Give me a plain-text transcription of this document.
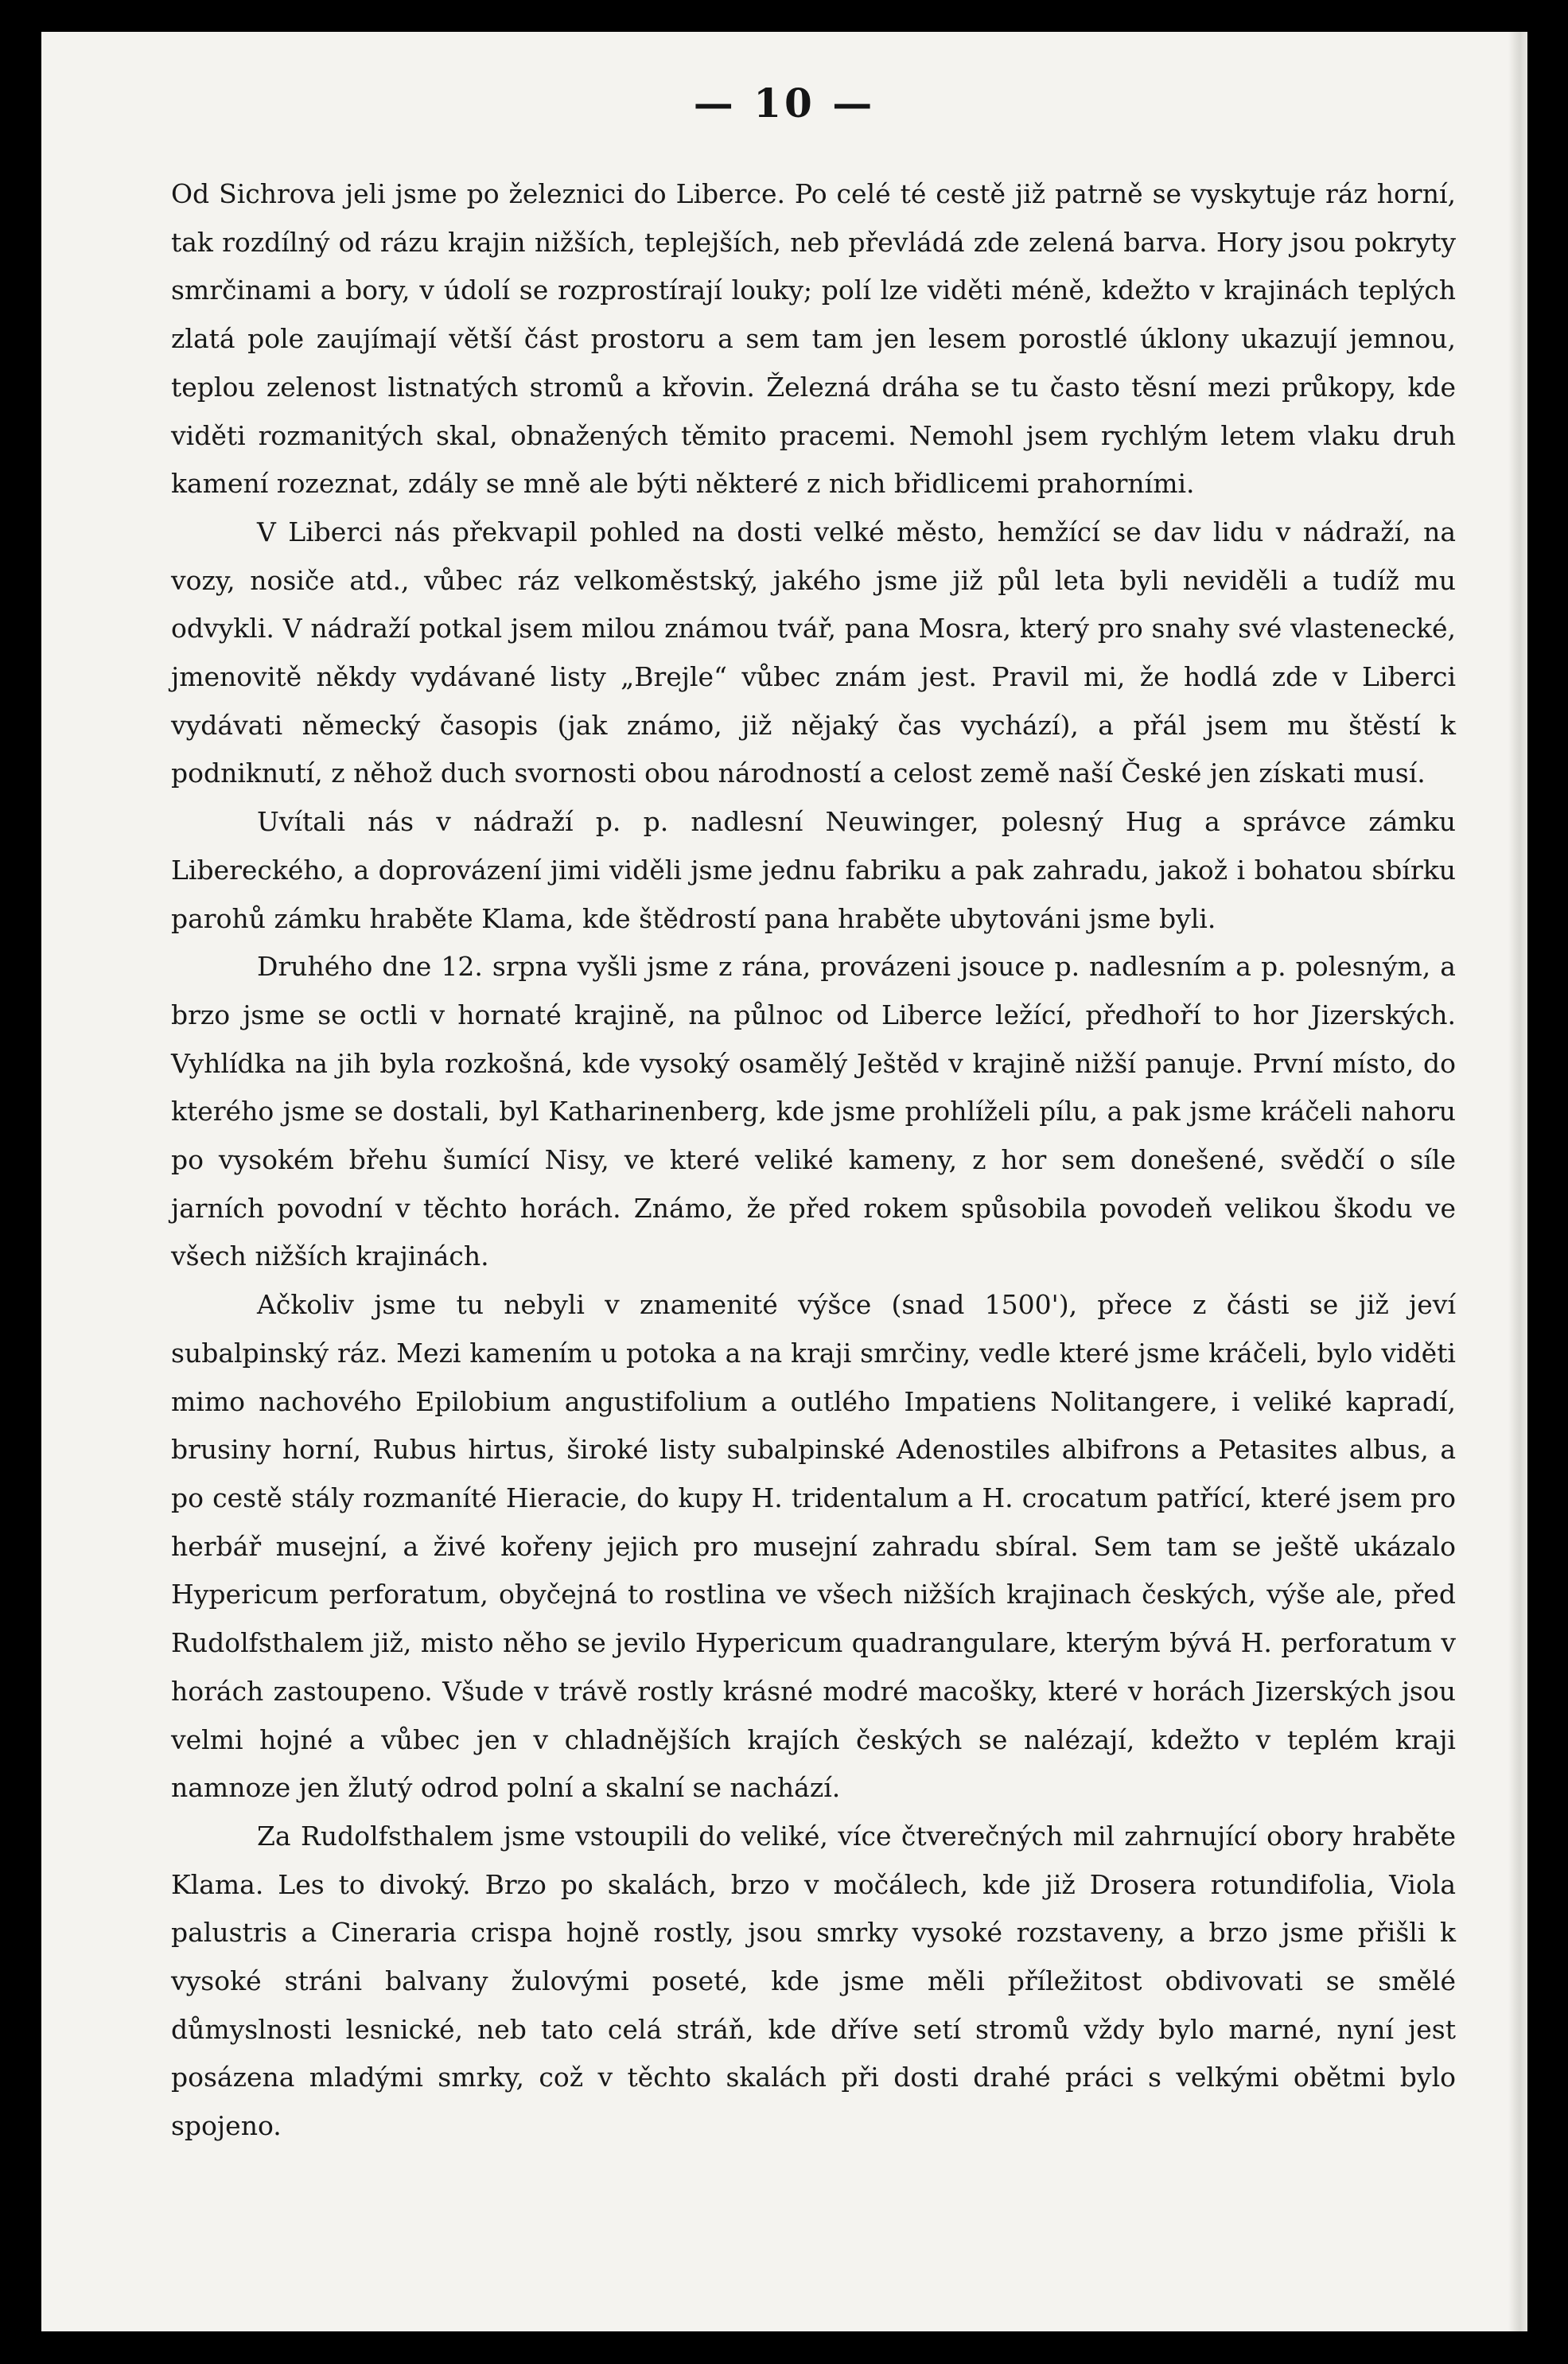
— 10 —

Od Sichrova jeli jsme po železnici do Liberce. Po celé té cestě již patrně se vyskytuje ráz horní, tak rozdílný od rázu krajin nižších, teplejších, neb převládá zde zelená barva. Hory jsou pokryty smrčinami a bory, v údolí se rozprostírají louky; polí lze viděti méně, kdežto v krajinách teplých zlatá pole zaujímají větší část prostoru a sem tam jen lesem porostlé úklony ukazují jemnou, teplou zelenost listnatých stromů a křovin. Železná dráha se tu často těsní mezi průkopy, kde viděti rozmanitých skal, obnažených těmito pracemi. Nemohl jsem rychlým letem vlaku druh kamení rozeznat, zdály se mně ale býti některé z nich břidlicemi prahorními.

V Liberci nás překvapil pohled na dosti velké město, hemžící se dav lidu v nádraží, na vozy, nosiče atd., vůbec ráz velkoměstský, jakého jsme již půl leta byli neviděli a tudíž mu odvykli. V nádraží potkal jsem milou známou tvář, pana Mosra, který pro snahy své vlastenecké, jmenovitě někdy vydávané listy „Brejle“ vůbec znám jest. Pravil mi, že hodlá zde v Liberci vydávati německý časopis (jak známo, již nějaký čas vychází), a přál jsem mu štěstí k podniknutí, z něhož duch svornosti obou národností a celost země naší České jen získati musí.

Uvítali nás v nádraží p. p. nadlesní Neuwinger, polesný Hug a správce zámku Libereckého, a doprovázení jimi viděli jsme jednu fabriku a pak zahradu, jakož i bohatou sbírku parohů zámku hraběte Klama, kde štědrostí pana hraběte ubytováni jsme byli.

Druhého dne 12. srpna vyšli jsme z rána, provázeni jsouce p. nadlesním a p. polesným, a brzo jsme se octli v hornaté krajině, na půlnoc od Liberce ležící, předhoří to hor Jizerských. Vyhlídka na jih byla rozkošná, kde vysoký osamělý Ještěd v krajině nižší panuje. První místo, do kterého jsme se dostali, byl Katharinenberg, kde jsme prohlíželi pílu, a pak jsme kráčeli nahoru po vysokém břehu šumící Nisy, ve které veliké kameny, z hor sem donešené, svědčí o síle jarních povodní v těchto horách. Známo, že před rokem spůsobila povodeň velikou škodu ve všech nižších krajinách.

Ačkoliv jsme tu nebyli v znamenité výšce (snad 1500'), přece z části se již jeví subalpinský ráz. Mezi kamením u potoka a na kraji smrčiny, vedle které jsme kráčeli, bylo viděti mimo nachového Epilobium angustifolium a outlého Impatiens Nolitangere, i veliké kapradí, brusiny horní, Rubus hirtus, široké listy subalpinské Adenostiles albifrons a Petasites albus, a po cestě stály rozmaníté Hieracie, do kupy H. tridentalum a H. crocatum patřící, které jsem pro herbář musejní, a živé kořeny jejich pro musejní zahradu sbíral. Sem tam se ještě ukázalo Hypericum perforatum, obyčejná to rostlina ve všech nižších krajinach českých, výše ale, před Rudolfsthalem již, misto něho se jevilo Hypericum quadrangulare, kterým bývá H. perforatum v horách zastoupeno. Všude v trávě rostly krásné modré macošky, které v horách Jizerských jsou velmi hojné a vůbec jen v chladnějších krajích českých se nalézají, kdežto v teplém kraji namnoze jen žlutý odrod polní a skalní se nachází.

Za Rudolfsthalem jsme vstoupili do veliké, více čtverečných mil zahrnující obory hraběte Klama. Les to divoký. Brzo po skalách, brzo v močálech, kde již Drosera rotundifolia, Viola palustris a Cineraria crispa hojně rostly, jsou smrky vysoké rozstaveny, a brzo jsme přišli k vysoké stráni balvany žulovými poseté, kde jsme měli příležitost obdivovati se smělé důmyslnosti lesnické, neb tato celá stráň, kde dříve setí stromů vždy bylo marné, nyní jest posázena mladými smrky, což v těchto skalách při dosti drahé práci s velkými obětmi bylo spojeno.
